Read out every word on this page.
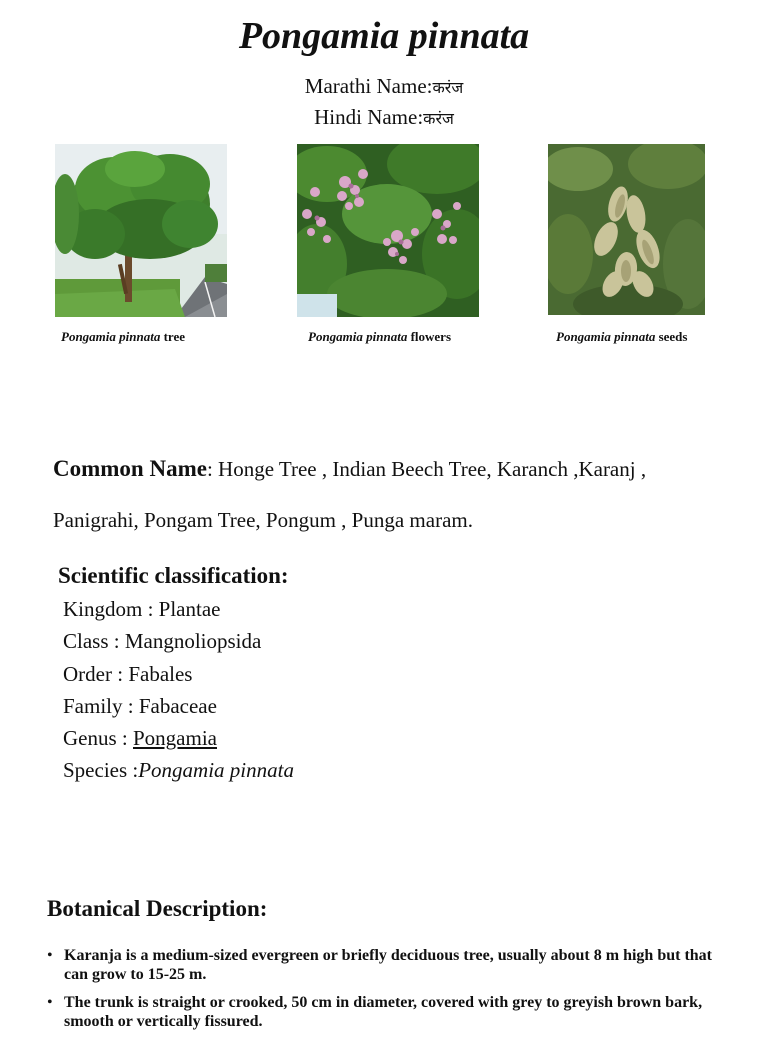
Pongamia pinnata

Marathi Name:करंज

Hindi Name:करंज

Pongamia pinnata tree	Pongamia pinnata flowers	Pongamia pinnata seeds

Common Name: Honge Tree , Indian Beech Tree, Karanch ,Karanj ,

Panigrahi, Pongam Tree, Pongum , Punga maram.

Scientific classification:

Kingdom : Plantae

Class : Mangnoliopsida

Order : Fabales

Family : Fabaceae

Genus : Pongamia

Species :Pongamia pinnata

Botanical Description:
• Karanja is a medium-sized evergreen or briefly deciduous tree, usually about 8 m high but that can grow to 15-25 m.
• The trunk is straight or crooked, 50 cm in diameter, covered with grey to greyish brown bark, smooth or vertically fissured.
